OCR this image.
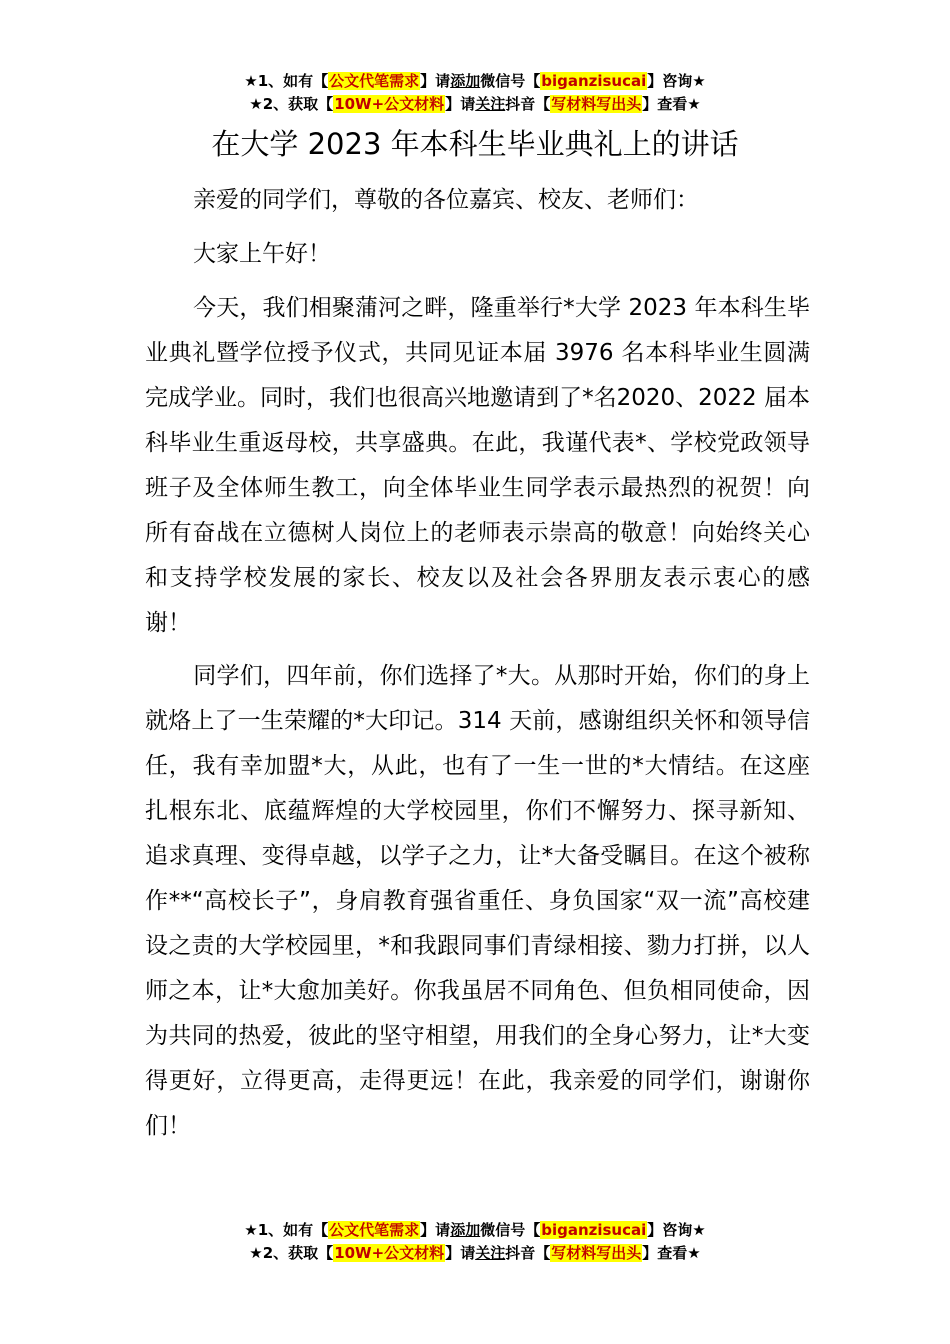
★1、如有【公文代笔需求】请添加微信号【biganzisucai】咨询★
★2、获取【10W+公文材料】请关注抖音【写材料写出头】查看★
在大学 2023 年本科生毕业典礼上的讲话
亲爱的同学们，尊敬的各位嘉宾、校友、老师们：
大家上午好！
今天，我们相聚蒲河之畔，隆重举行*大学 2023 年本科生毕业典礼暨学位授予仪式，共同见证本届 3976 名本科毕业生圆满完成学业。同时，我们也很高兴地邀请到了*名2020、2022 届本科毕业生重返母校，共享盛典。在此，我谨代表*、学校党政领导班子及全体师生教工，向全体毕业生同学表示最热烈的祝贺！向所有奋战在立德树人岗位上的老师表示崇高的敬意！向始终关心和支持学校发展的家长、校友以及社会各界朋友表示衷心的感谢！
同学们，四年前，你们选择了*大。从那时开始，你们的身上就烙上了一生荣耀的*大印记。314 天前，感谢组织关怀和领导信任，我有幸加盟*大，从此，也有了一生一世的*大情结。在这座扎根东北、底蕴辉煌的大学校园里，你们不懈努力、探寻新知、追求真理、变得卓越，以学子之力，让*大备受瞩目。在这个被称作**“高校长子”，身肩教育强省重任、身负国家“双一流”高校建设之责的大学校园里，*和我跟同事们青绿相接、勠力打拼，以人师之本，让*大愈加美好。你我虽居不同角色、但负相同使命，因为共同的热爱，彼此的坚守相望，用我们的全身心努力，让*大变得更好，立得更高，走得更远！在此，我亲爱的同学们，谢谢你们！
★1、如有【公文代笔需求】请添加微信号【biganzisucai】咨询★
★2、获取【10W+公文材料】请关注抖音【写材料写出头】查看★
